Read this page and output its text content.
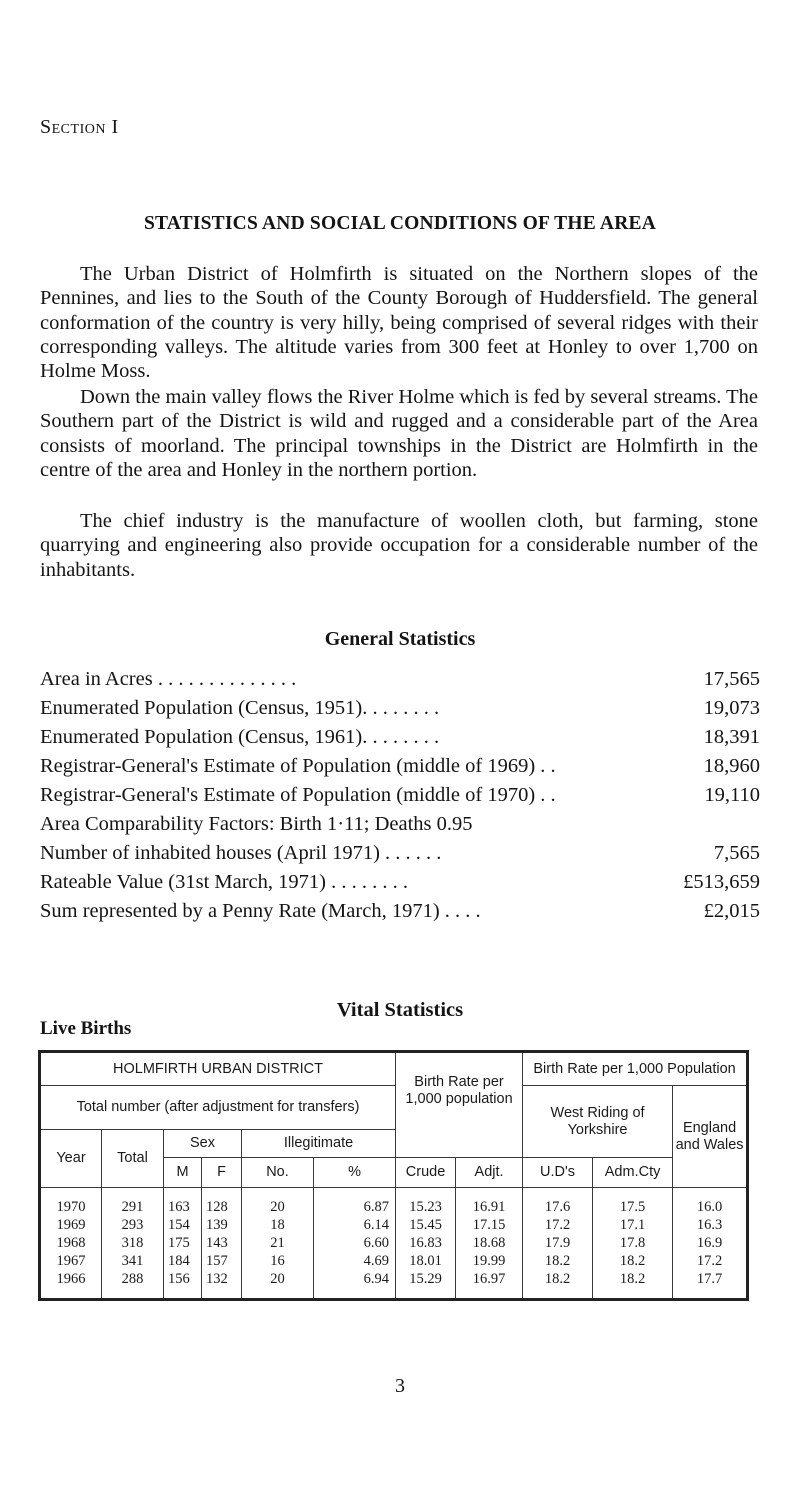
Section I
STATISTICS AND SOCIAL CONDITIONS OF THE AREA
The Urban District of Holmfirth is situated on the Northern slopes of the Pennines, and lies to the South of the County Borough of Huddersfield. The general conformation of the country is very hilly, being comprised of several ridges with their corresponding valleys. The altitude varies from 300 feet at Honley to over 1,700 on Holme Moss.
Down the main valley flows the River Holme which is fed by several streams. The Southern part of the District is wild and rugged and a considerable part of the Area consists of moorland. The principal townships in the District are Holmfirth in the centre of the area and Honley in the northern portion.
The chief industry is the manufacture of woollen cloth, but farming, stone quarrying and engineering also provide occupation for a considerable number of the inhabitants.
General Statistics
Area in Acres . . . . . . . . . . . . . .	17,565
Enumerated Population (Census, 1951). . . . . . . .	19,073
Enumerated Population (Census, 1961). . . . . . . .	18,391
Registrar-General's Estimate of Population (middle of 1969) . .	18,960
Registrar-General's Estimate of Population (middle of 1970) . .	19,110
Area Comparability Factors: Birth 1·11; Deaths 0.95
Number of inhabited houses (April 1971) . . . . . .	7,565
Rateable Value (31st March, 1971) . . . . . . . .	£513,659
Sum represented by a Penny Rate (March, 1971) . . . .	£2,015
Vital Statistics
Live Births
HOLMFIRTH URBAN DISTRICT						Birth Rate per 1,000 population		Birth Rate per 1,000 Population		
Total number (after adjustment for transfers)								West Riding of Yorkshire		England and Wales
Year	Total	Sex		Illegitimate						
		M	F	No.	%	Crude	Adjt.	U.D's	Adm.Cty	
1970	291	163	128	20	6.87	15.23	16.91	17.6	17.5	16.0
1969	293	154	139	18	6.14	15.45	17.15	17.2	17.1	16.3
1968	318	175	143	21	6.60	16.83	18.68	17.9	17.8	16.9
1967	341	184	157	16	4.69	18.01	19.99	18.2	18.2	17.2
1966	288	156	132	20	6.94	15.29	16.97	18.2	18.2	17.7
3
